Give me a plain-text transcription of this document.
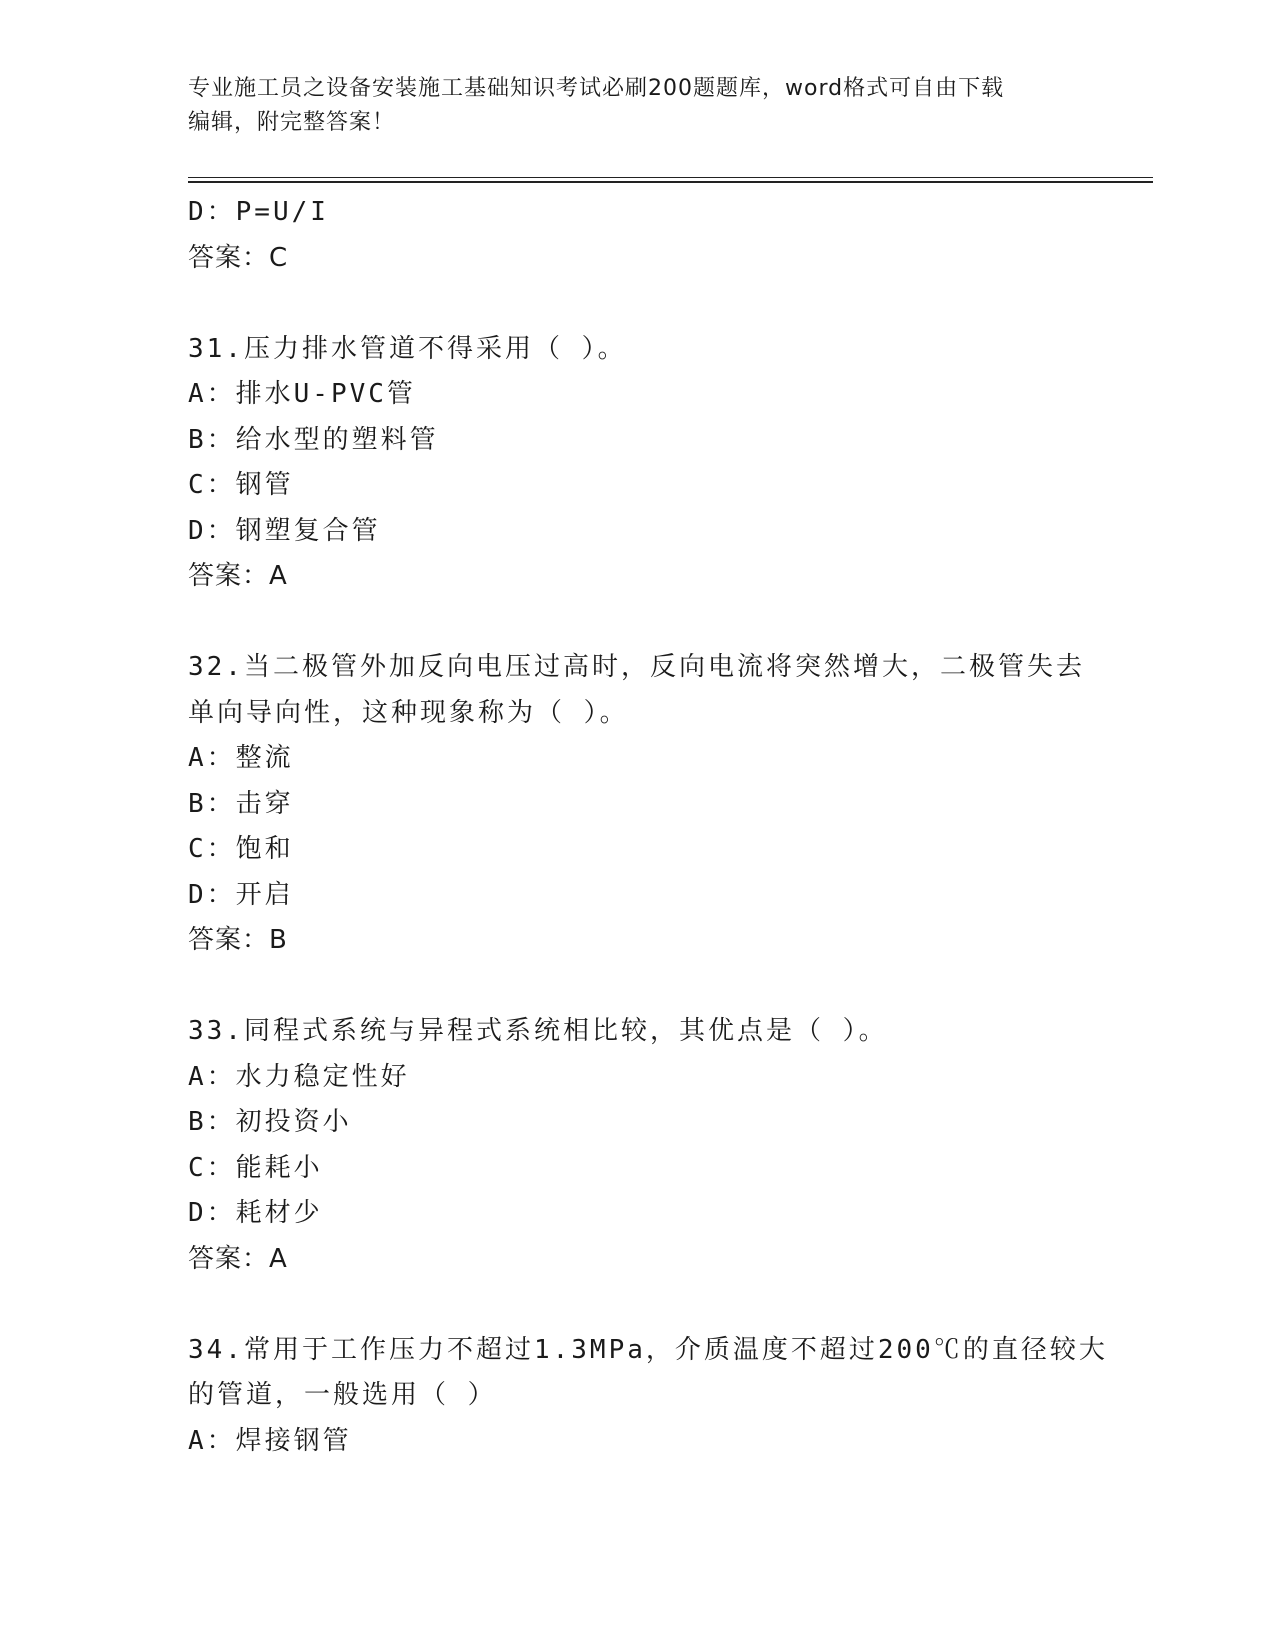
专业施工员之设备安装施工基础知识考试必刷200题题库，word格式可自由下载
编辑，附完整答案！
D：P=U/I
答案：C
31.压力排水管道不得采用（ ）。
A：排水U-PVC管
B：给水型的塑料管
C：钢管
D：钢塑复合管
答案：A
32.当二极管外加反向电压过高时，反向电流将突然增大，二极管失去
单向导向性，这种现象称为（ ）。
A：整流
B：击穿
C：饱和
D：开启
答案：B
33.同程式系统与异程式系统相比较，其优点是（ ）。
A：水力稳定性好
B：初投资小
C：能耗小
D：耗材少
答案：A
34.常用于工作压力不超过1.3MPa，介质温度不超过200℃的直径较大
的管道，一般选用（ ）
A：焊接钢管
